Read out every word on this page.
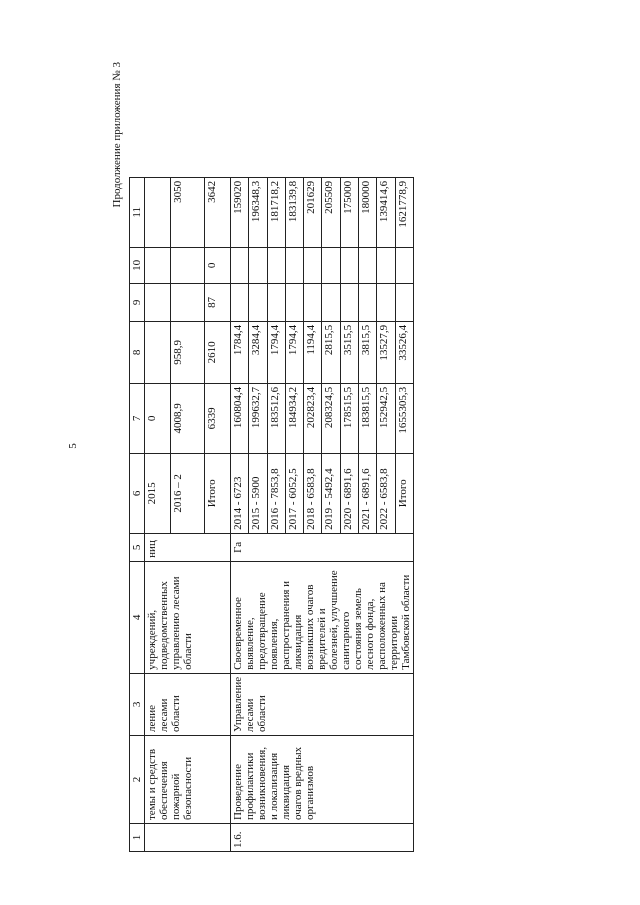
5
Продолжение приложения № 3
1	2	3	4	5	6	7	8	9	10	11
	темы и средств обеспечения пожарной безопасности	ление лесами области	учреждений, подведомственных управлению лесами области	ниц	2015	0				
					2016 – 2	4008,9	958,9			3050
					Итого	6339	2610	87	0	3642
1.6.	Проведение профилактики возникновения, и локализация ликвидация очагов вредных организмов	Управление лесами области	Своевременное выявление, предотвращение появления, распространения и ликвидация возникших очагов вредителей и болезней, улучшение санитарного состояния земель лесного фонда, расположенных на территории Тамбовской области	Га	2014 - 6723	160804,4	1784,4			159020
					2015 - 5900	199632,7	3284,4			196348,3
					2016 - 7853,8	183512,6	1794,4			181718,2
					2017 - 6052,5	184934,2	1794,4			183139,8
					2018 - 6583,8	202823,4	1194,4			201629
					2019 - 5492,4	208324,5	2815,5			205509
					2020 - 6891,6	178515,5	3515,5			175000
					2021 - 6891,6	183815,5	3815,5			180000
					2022 - 6583,8	152942,5	13527,9			139414,6
					Итого	1655305,3	33526,4			1621778,9
